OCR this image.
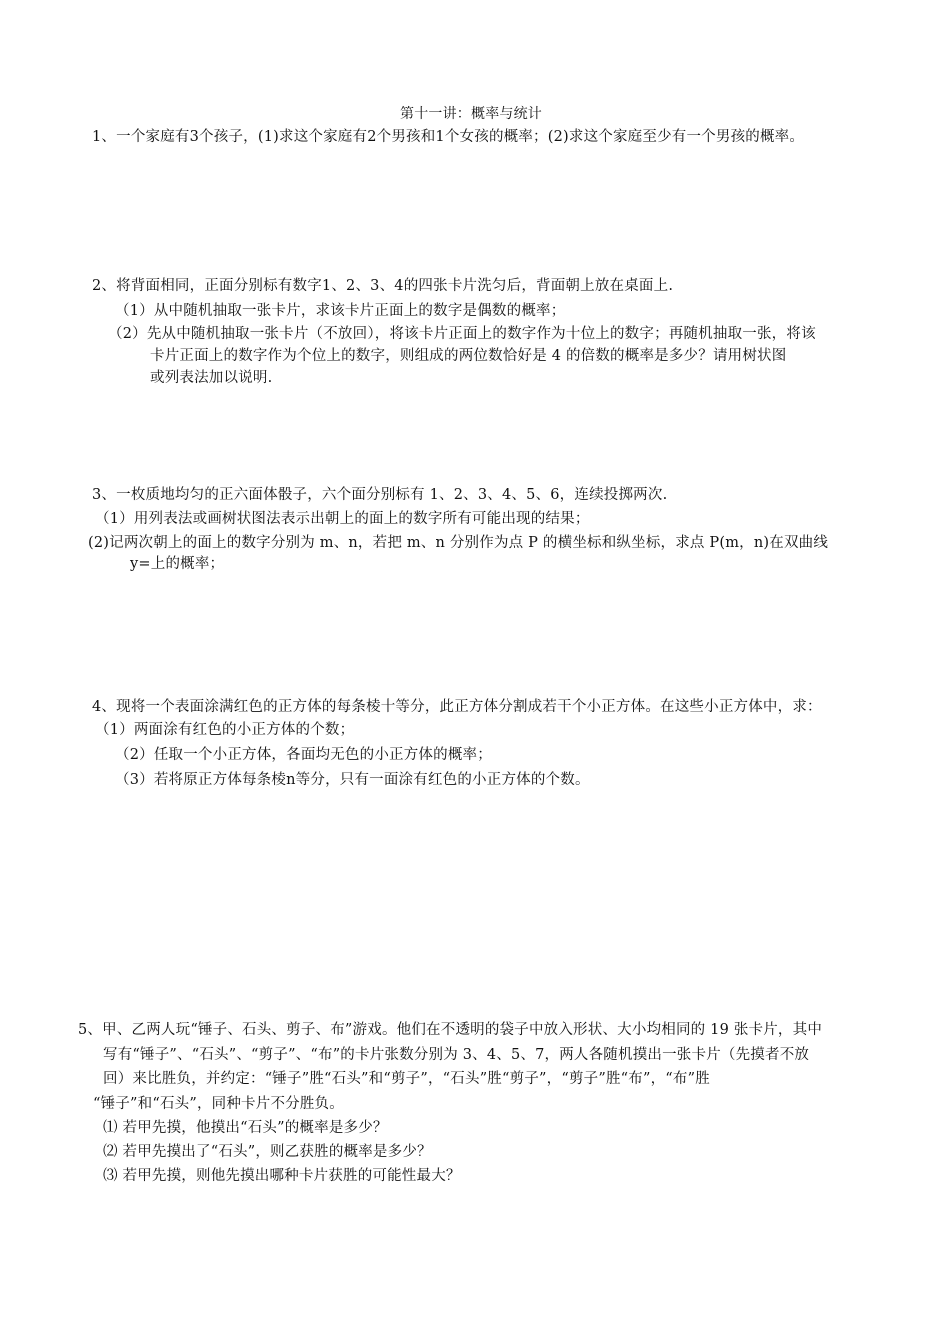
第十一讲：概率与统计
1、一个家庭有3个孩子，(1)求这个家庭有2个男孩和1个女孩的概率；(2)求这个家庭至少有一个男孩的概率。
2、将背面相同，正面分别标有数字1、2、3、4的四张卡片洗匀后，背面朝上放在桌面上.
（1）从中随机抽取一张卡片，求该卡片正面上的数字是偶数的概率；
（2）先从中随机抽取一张卡片（不放回），将该卡片正面上的数字作为十位上的数字；再随机抽取一张，将该
卡片正面上的数字作为个位上的数字，则组成的两位数恰好是 4 的倍数的概率是多少？请用树状图
或列表法加以说明.
3、一枚质地均匀的正六面体骰子，六个面分别标有 1、2、3、4、5、6，连续投掷两次.
（1）用列表法或画树状图法表示出朝上的面上的数字所有可能出现的结果；
(2)记两次朝上的面上的数字分别为 m、n，若把 m、n 分别作为点 P 的横坐标和纵坐标，求点 P(m，n)在双曲线
y=上的概率；
4、现将一个表面涂满红色的正方体的每条棱十等分，此正方体分割成若干个小正方体。在这些小正方体中，求：
（1）两面涂有红色的小正方体的个数；
（2）任取一个小正方体，各面均无色的小正方体的概率；
（3）若将原正方体每条棱n等分，只有一面涂有红色的小正方体的个数。
5、甲、乙两人玩“锤子、石头、剪子、布”游戏。他们在不透明的袋子中放入形状、大小均相同的 19 张卡片，其中
写有“锤子”、“石头”、“剪子”、“布”的卡片张数分别为 3、4、5、7，两人各随机摸出一张卡片（先摸者不放
回）来比胜负，并约定：“锤子”胜“石头”和“剪子”，“石头”胜“剪子”，“剪子”胜“布”，“布”胜
“锤子”和“石头”，同种卡片不分胜负。
⑴ 若甲先摸，他摸出“石头”的概率是多少？
⑵ 若甲先摸出了“石头”，则乙获胜的概率是多少？
⑶ 若甲先摸，则他先摸出哪种卡片获胜的可能性最大？
